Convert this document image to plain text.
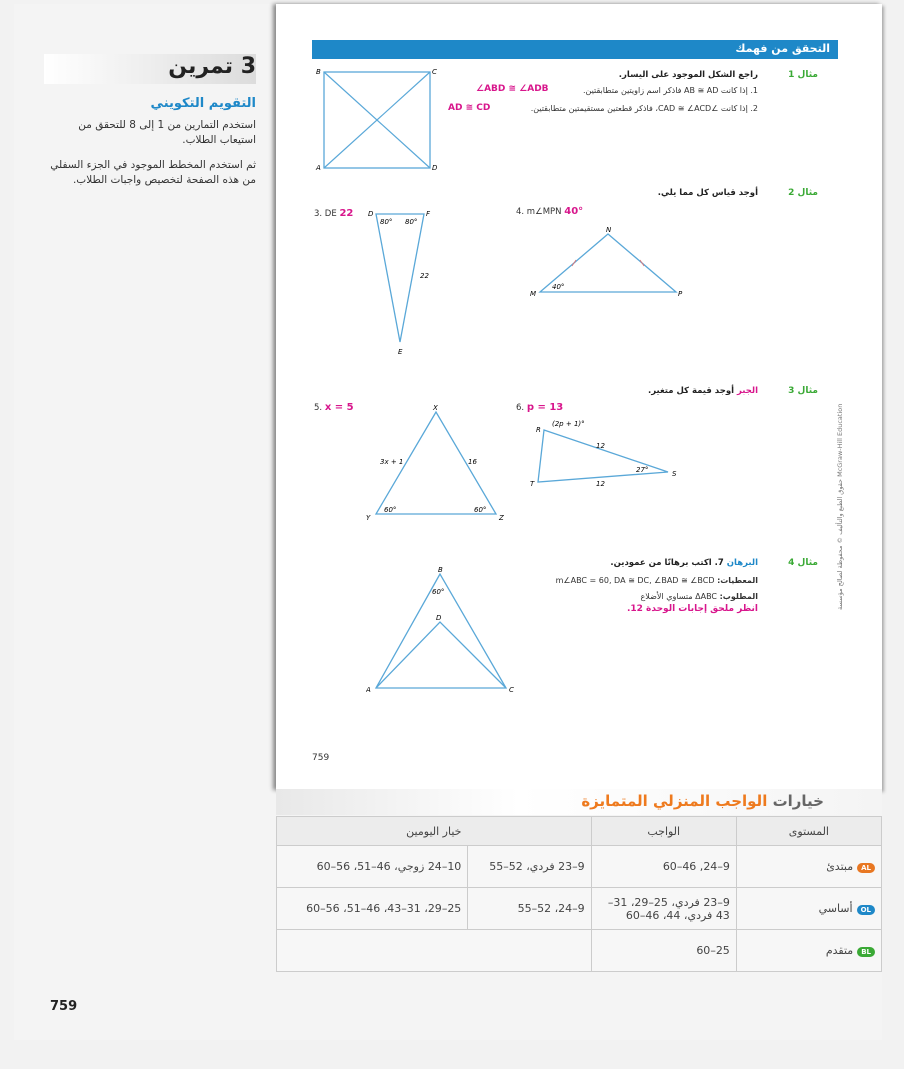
3 تمرين
التقويم التكويني
استخدم التمارين من 1 إلى 8 للتحقق من استيعاب الطلاب.
ثم استخدم المخطط الموجود في الجزء السفلي من هذه الصفحة لتخصيص واجبات الطلاب.
التحقق من فهمك
مثال 1
راجع الشكل الموجود على اليسار.
1. إذا كانت AB ≅ AD فاذكر اسم زاويتين متطابقتين.
∠ABD ≅ ∠ADB
2. إذا كانت ∠CAD ≅ ∠ACD، فاذكر قطعتين مستقيمتين متطابقتين.
AD ≅ CD
B	C
A	D
مثال 2
أوجد قياس كل مما يلي.
3. DE 22	4. m∠MPN 40°
D	F
E
80° 80°
22
N
M	P
40°
مثال 3
الجبر أوجد قيمة كل متغير.
5. x = 5	6. p = 13
X
Y	Z
3x + 1	16
60°	60°
R
S
T
(2p + 1)°
12
12
27°
مثال 4
البرهان 7. اكتب برهانًا من عمودين.
المعطيات: m∠ABC = 60, DA ≅ DC, ∠BAD ≅ ∠BCD
المطلوب: ΔABC متساوي الأضلاع
انظر ملحق إجابات الوحدة 12.
B
D
A	C
60°	حقوق الطبع والتأليف © محفوظة لصالح مؤسسة McGraw-Hill Education
759
خيارات الواجب المنزلي المتمايزة
المستوى	الواجب	خيار اليومين	
ALمبتدئ	9–24, 46–60	9–23 فردي، 52–55	10–24 زوجي، 46–51، 56–60
OLأساسي	9–23 فردي، 25–29، 31–43 فردي، 44، 46–60	9–24، 52–55	25–29، 31–43، 46–51، 56–60
BLمتقدم	25–60		
759
